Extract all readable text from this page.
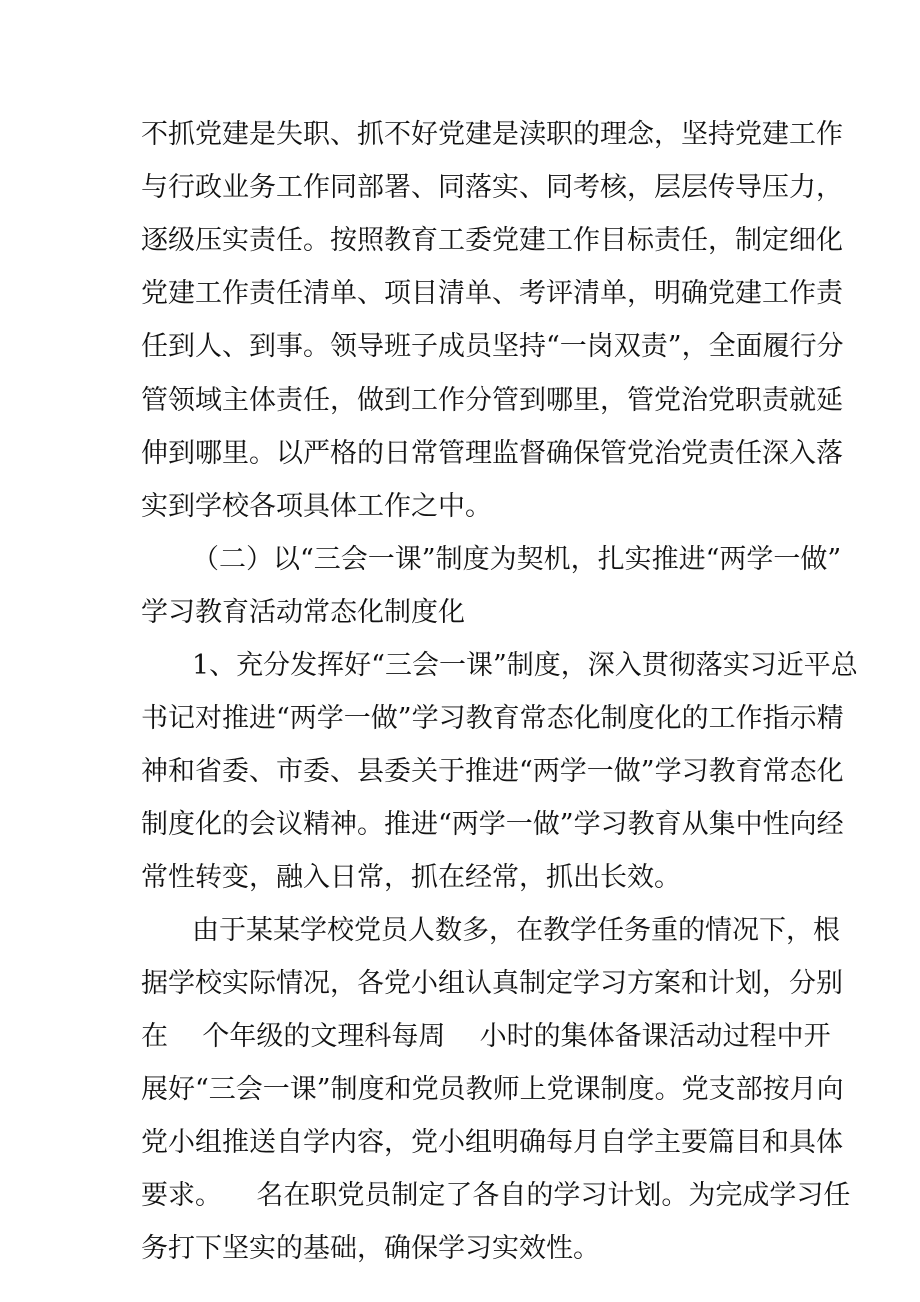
不抓党建是失职、抓不好党建是渎职的理念，坚持党建工作
与行政业务工作同部署、同落实、同考核，层层传导压力，
逐级压实责任。按照教育工委党建工作目标责任，制定细化
党建工作责任清单、项目清单、考评清单，明确党建工作责
任到人、到事。领导班子成员坚持“一岗双责”，全面履行分
管领域主体责任，做到工作分管到哪里，管党治党职责就延
伸到哪里。以严格的日常管理监督确保管党治党责任深入落
实到学校各项具体工作之中。
（二）以“三会一课”制度为契机，扎实推进“两学一做”
学习教育活动常态化制度化
1、充分发挥好“三会一课”制度，深入贯彻落实习近平总
书记对推进“两学一做”学习教育常态化制度化的工作指示精
神和省委、市委、县委关于推进“两学一做”学习教育常态化
制度化的会议精神。推进“两学一做”学习教育从集中性向经
常性转变，融入日常，抓在经常，抓出长效。
由于某某学校党员人数多，在教学任务重的情况下，根
据学校实际情况，各党小组认真制定学习方案和计划，分别
在    个年级的文理科每周    小时的集体备课活动过程中开
展好“三会一课”制度和党员教师上党课制度。党支部按月向
党小组推送自学内容，党小组明确每月自学主要篇目和具体
要求。    名在职党员制定了各自的学习计划。为完成学习任
务打下坚实的基础，确保学习实效性。
